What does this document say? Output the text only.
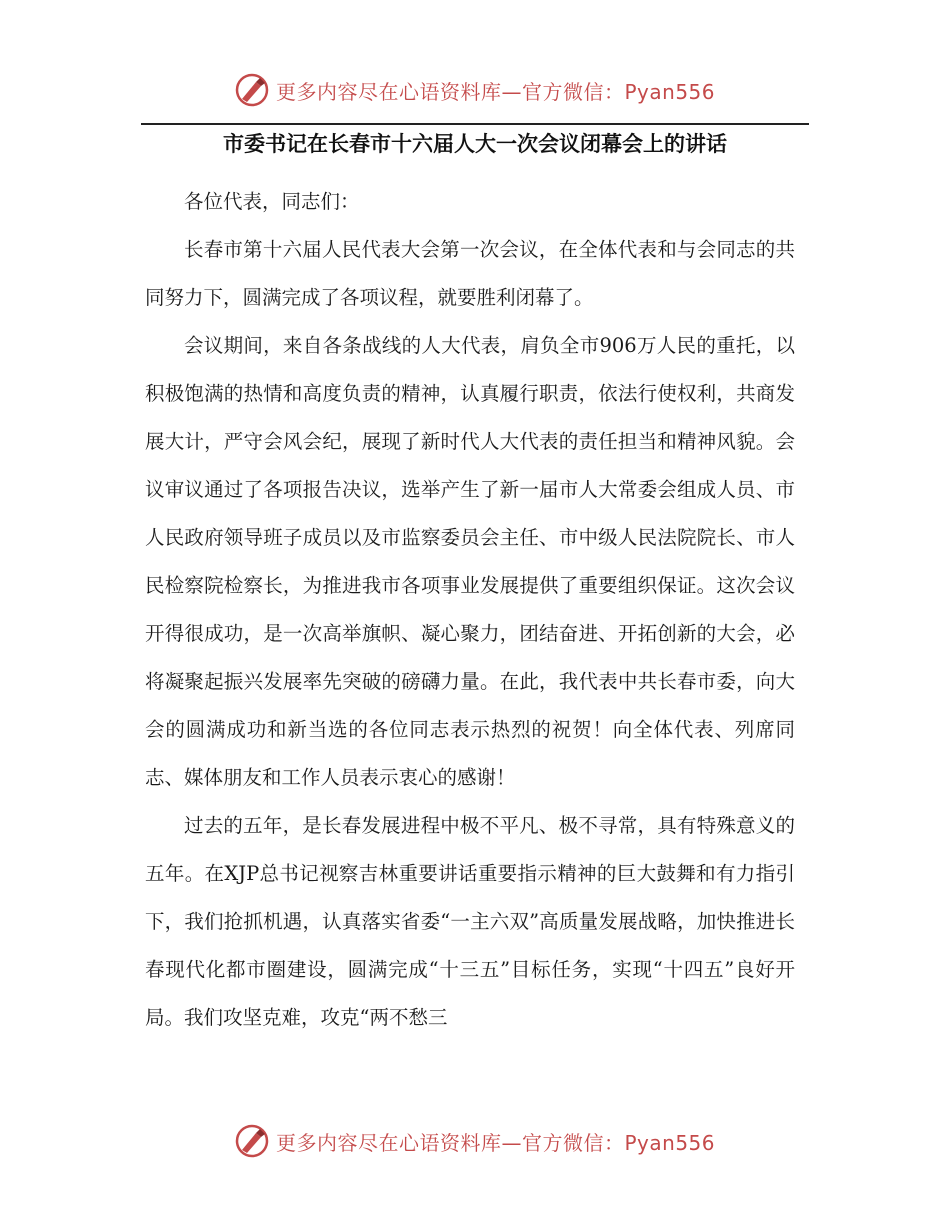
更多内容尽在心语资料库—官方微信：Pyan556
市委书记在长春市十六届人大一次会议闭幕会上的讲话

各位代表，同志们：

长春市第十六届人民代表大会第一次会议，在全体代表和与会同志的共同努力下，圆满完成了各项议程，就要胜利闭幕了。

会议期间，来自各条战线的人大代表，肩负全市906万人民的重托，以积极饱满的热情和高度负责的精神，认真履行职责，依法行使权利，共商发展大计，严守会风会纪，展现了新时代人大代表的责任担当和精神风貌。会议审议通过了各项报告决议，选举产生了新一届市人大常委会组成人员、市人民政府领导班子成员以及市监察委员会主任、市中级人民法院院长、市人民检察院检察长，为推进我市各项事业发展提供了重要组织保证。这次会议开得很成功，是一次高举旗帜、凝心聚力，团结奋进、开拓创新的大会，必将凝聚起振兴发展率先突破的磅礴力量。在此，我代表中共长春市委，向大会的圆满成功和新当选的各位同志表示热烈的祝贺！向全体代表、列席同志、媒体朋友和工作人员表示衷心的感谢！

过去的五年，是长春发展进程中极不平凡、极不寻常，具有特殊意义的五年。在XJP总书记视察吉林重要讲话重要指示精神的巨大鼓舞和有力指引下，我们抢抓机遇，认真落实省委“一主六双”高质量发展战略，加快推进长春现代化都市圈建设，圆满完成“十三五”目标任务，实现“十四五”良好开局。我们攻坚克难，攻克“两不愁三

更多内容尽在心语资料库—官方微信：Pyan556
